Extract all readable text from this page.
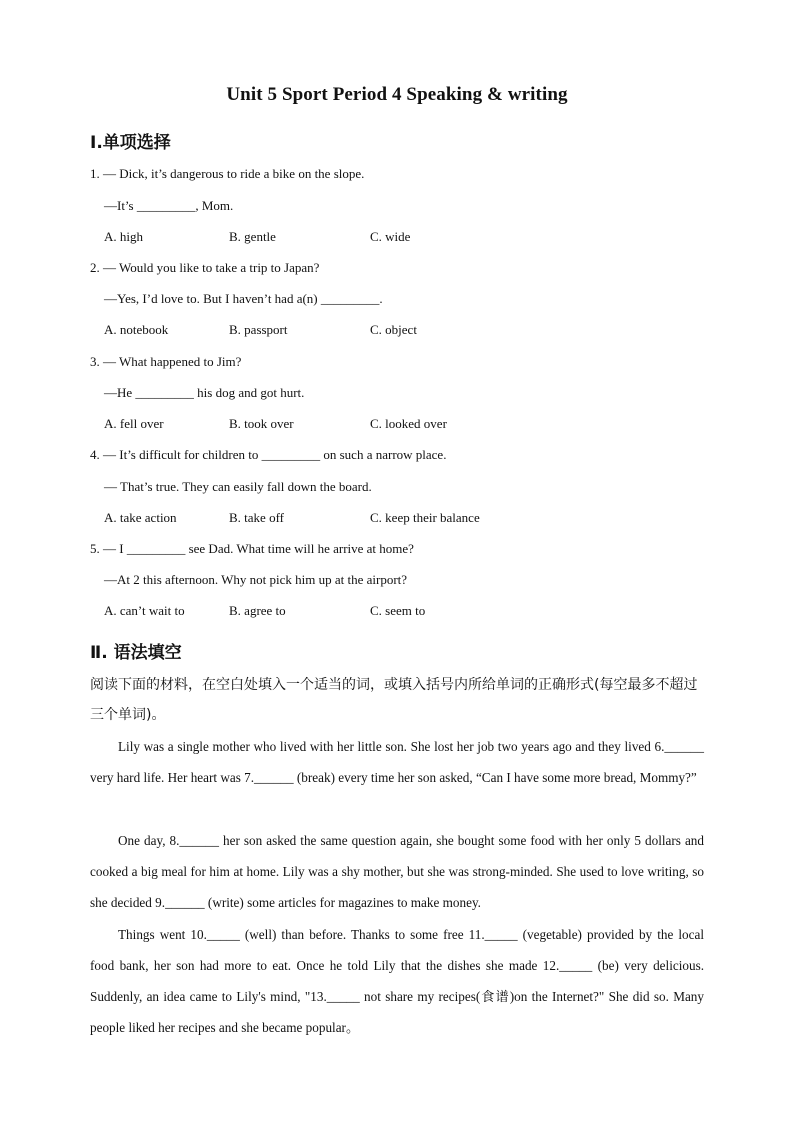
Unit 5 Sport Period 4 Speaking & writing
Ⅰ.单项选择
1. — Dick, it’s dangerous to ride a bike on the slope.
—It’s _________, Mom.
A. high	B. gentle	C. wide
2. — Would you like to take a trip to Japan?
—Yes, I’d love to. But I haven’t had a(n) _________.
A. notebook	B. passport	C. object
3. — What happened to Jim?
—He _________ his dog and got hurt.
A. fell over	B. took over	C. looked over
4. — It’s difficult for children to _________ on such a narrow place.
— That’s true. They can easily fall down the board.
A. take action	B. take off	C. keep their balance
5. — I _________ see Dad. What time will he arrive at home?
—At 2 this afternoon. Why not pick him up at the airport?
A. can’t wait to	B. agree to	C. seem to
Ⅱ. 语法填空
阅读下面的材料，在空白处填入一个适当的词，或填入括号内所给单词的正确形式(每空最多不超过三个单词)。
Lily was a single mother who lived with her little son. She lost her job two years ago and they lived 6.______ very hard life. Her heart was 7.______ (break) every time her son asked, “Can I have some more bread, Mommy?”
One day, 8.______ her son asked the same question again, she bought some food with her only 5 dollars and cooked a big meal for him at home. Lily was a shy mother, but she was strong-minded. She used to love writing, so she decided 9.______ (write) some articles for magazines to make money.
Things went 10._____ (well) than before. Thanks to some free 11._____ (vegetable) provided by the local food bank, her son had more to eat. Once he told Lily that the dishes she made 12._____ (be) very delicious. Suddenly, an idea came to Lily's mind, "13._____ not share my recipes(食谱)on the Internet?" She did so. Many people liked her recipes and she became popular。
